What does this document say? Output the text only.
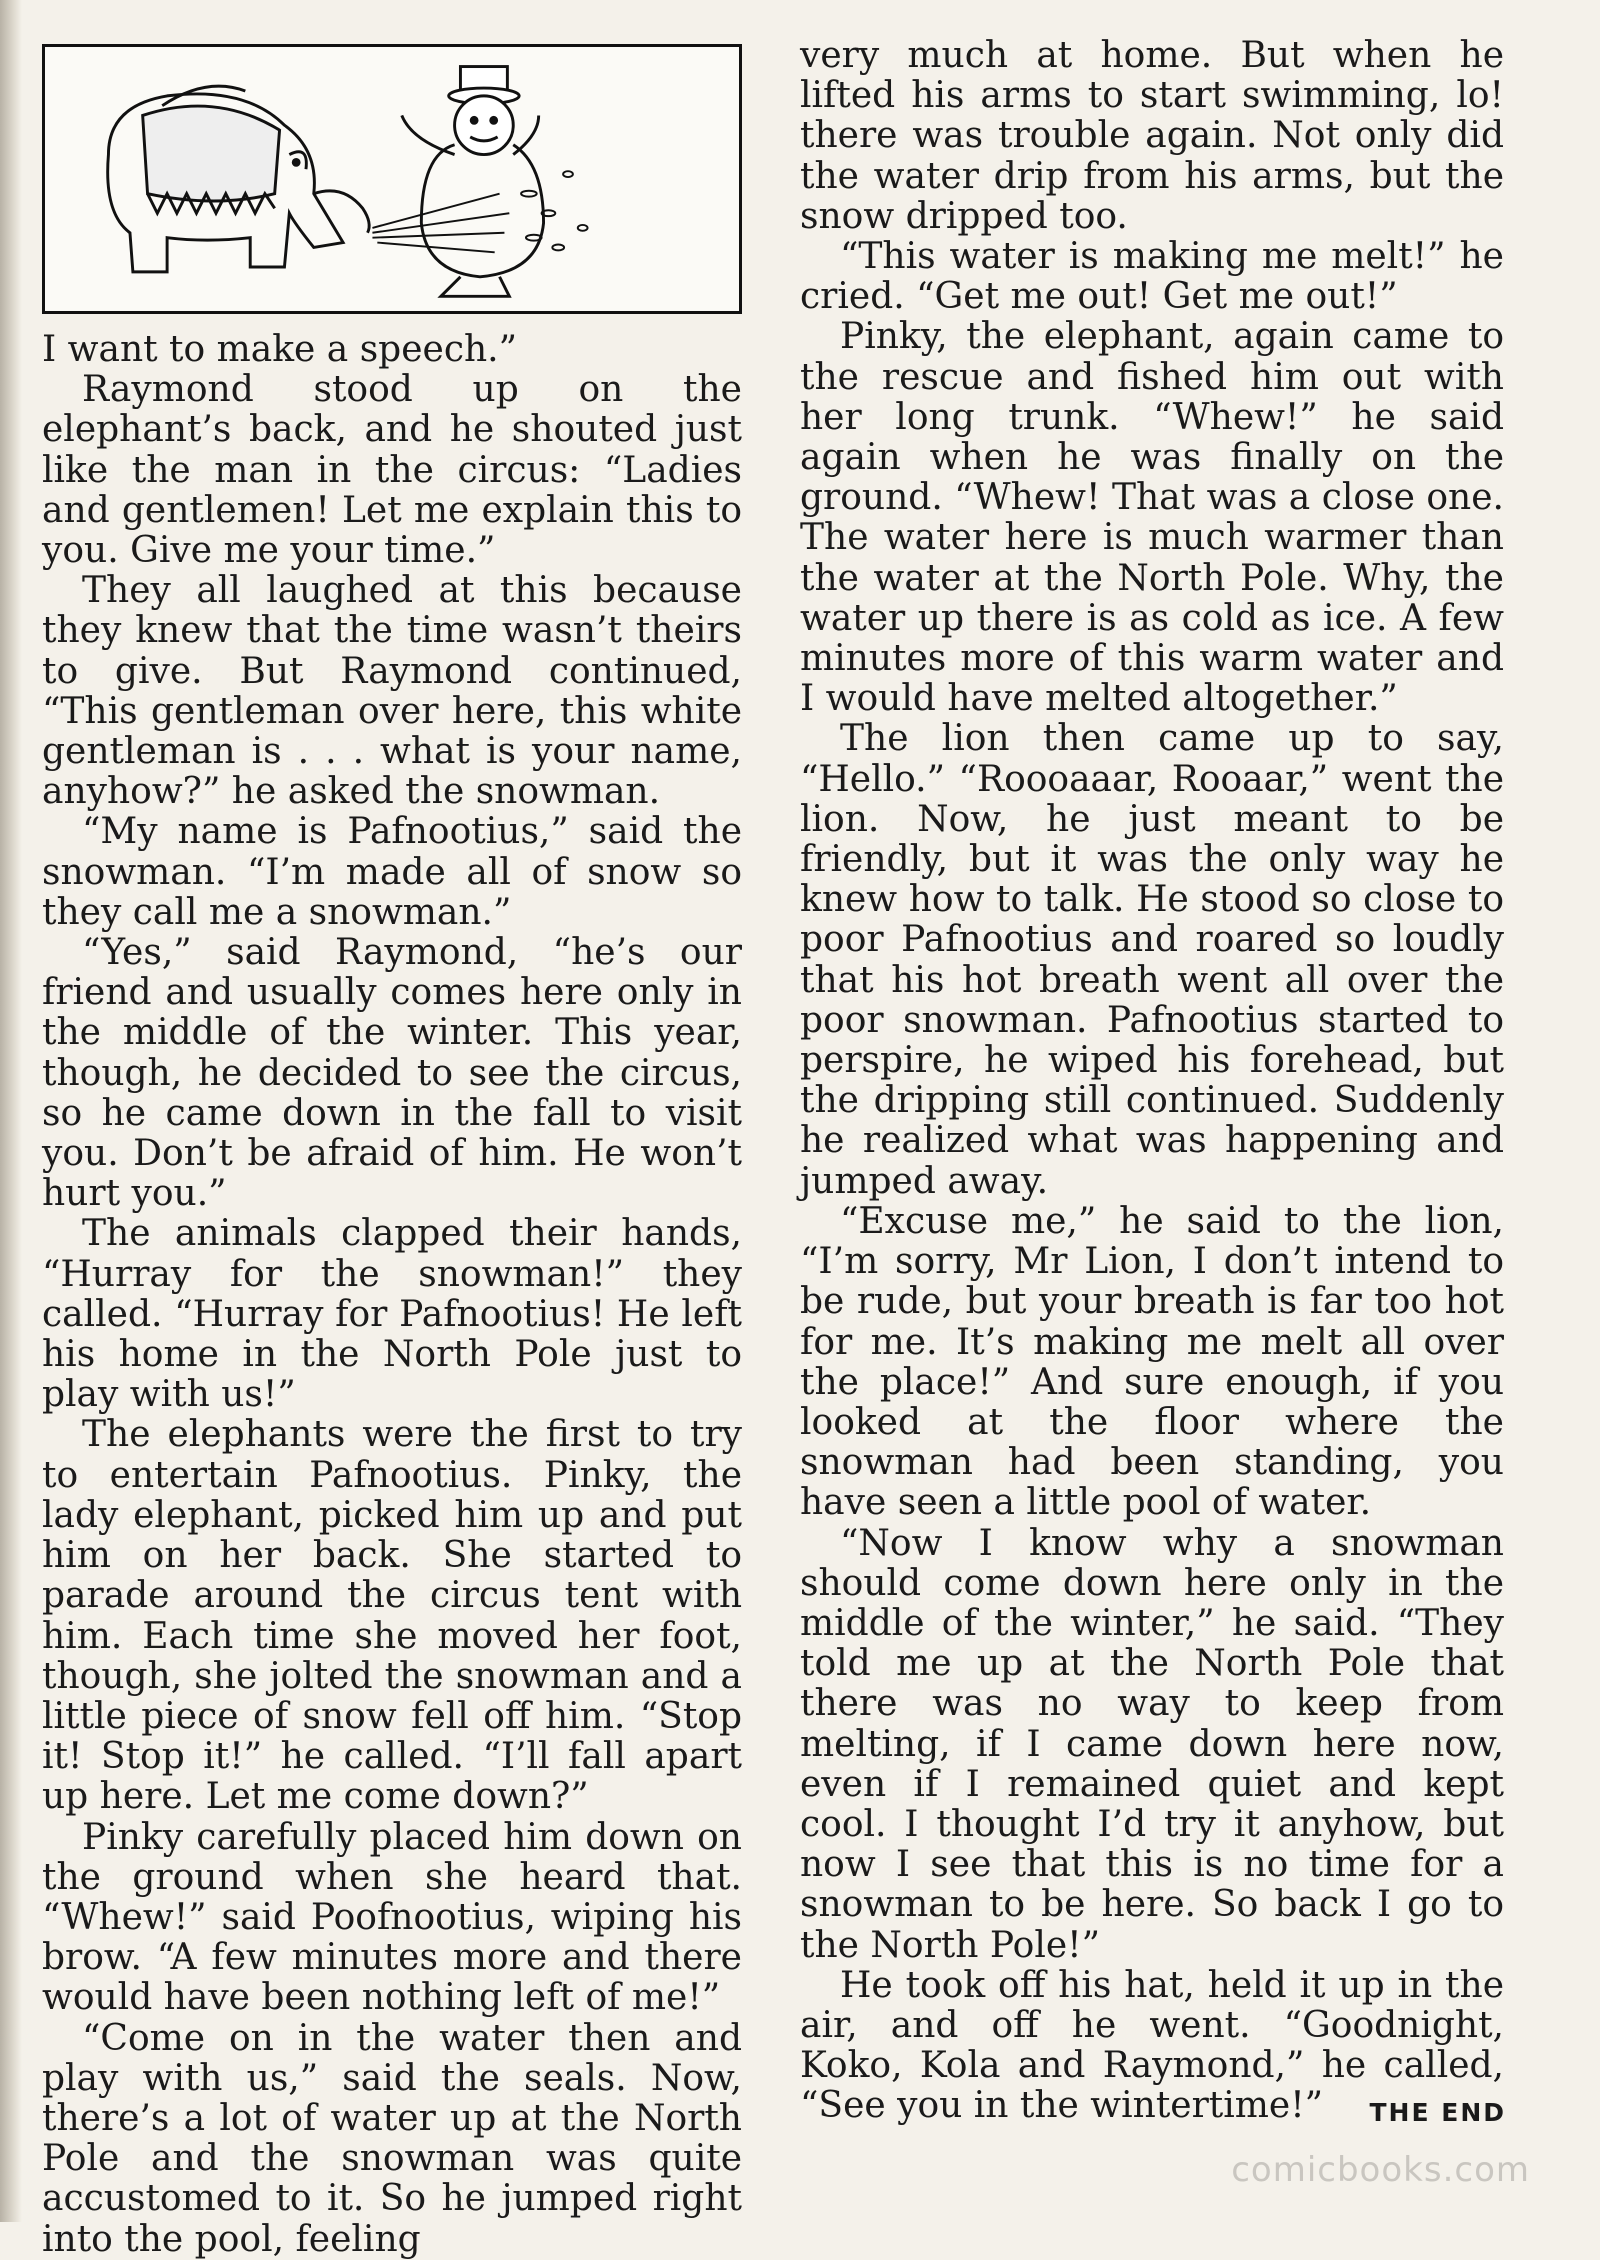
I want to make a speech.”

Raymond stood up on the elephant’s back, and he shouted just like the man in the circus: “Ladies and gentlemen! Let me explain this to you. Give me your time.”

They all laughed at this because they knew that the time wasn’t theirs to give. But Raymond continued, “This gentleman over here, this white gentleman is . . . what is your name, anyhow?” he asked the snowman.

“My name is Pafnootius,” said the snowman. “I’m made all of snow so they call me a snowman.”

“Yes,” said Raymond, “he’s our friend and usually comes here only in the middle of the winter. This year, though, he decided to see the circus, so he came down in the fall to visit you. Don’t be afraid of him. He won’t hurt you.”

The animals clapped their hands, “Hurray for the snowman!” they called. “Hurray for Pafnootius! He left his home in the North Pole just to play with us!”

The elephants were the first to try to entertain Pafnootius. Pinky, the lady elephant, picked him up and put him on her back. She started to parade around the circus tent with him. Each time she moved her foot, though, she jolted the snowman and a little piece of snow fell off him. “Stop it! Stop it!” he called. “I’ll fall apart up here. Let me come down?”

Pinky carefully placed him down on the ground when she heard that. “Whew!” said Poofnootius, wiping his brow. “A few minutes more and there would have been nothing left of me!”

“Come on in the water then and play with us,” said the seals. Now, there’s a lot of water up at the North Pole and the snowman was quite accustomed to it. So he jumped right into the pool, feeling

very much at home. But when he lifted his arms to start swimming, lo! there was trouble again. Not only did the water drip from his arms, but the snow dripped too.

“This water is making me melt!” he cried. “Get me out! Get me out!”

Pinky, the elephant, again came to the rescue and fished him out with her long trunk. “Whew!” he said again when he was finally on the ground. “Whew! That was a close one. The water here is much warmer than the water at the North Pole. Why, the water up there is as cold as ice. A few minutes more of this warm water and I would have melted altogether.”

The lion then came up to say, “Hello.” “Roooaaar, Rooaar,” went the lion. Now, he just meant to be friendly, but it was the only way he knew how to talk. He stood so close to poor Pafnootius and roared so loudly that his hot breath went all over the poor snowman. Pafnootius started to perspire, he wiped his forehead, but the dripping still continued. Suddenly he realized what was happening and jumped away.

“Excuse me,” he said to the lion, “I’m sorry, Mr Lion, I don’t intend to be rude, but your breath is far too hot for me. It’s making me melt all over the place!” And sure enough, if you looked at the floor where the snowman had been standing, you have seen a little pool of water.

“Now I know why a snowman should come down here only in the middle of the winter,” he said. “They told me up at the North Pole that there was no way to keep from melting, if I came down here now, even if I remained quiet and kept cool. I thought I’d try it anyhow, but now I see that this is no time for a snowman to be here. So back I go to the North Pole!”

He took off his hat, held it up in the air, and off he went. “Goodnight, Koko, Kola and Raymond,” he called, “See you in the wintertime!”	THE END
comicbooks.com
